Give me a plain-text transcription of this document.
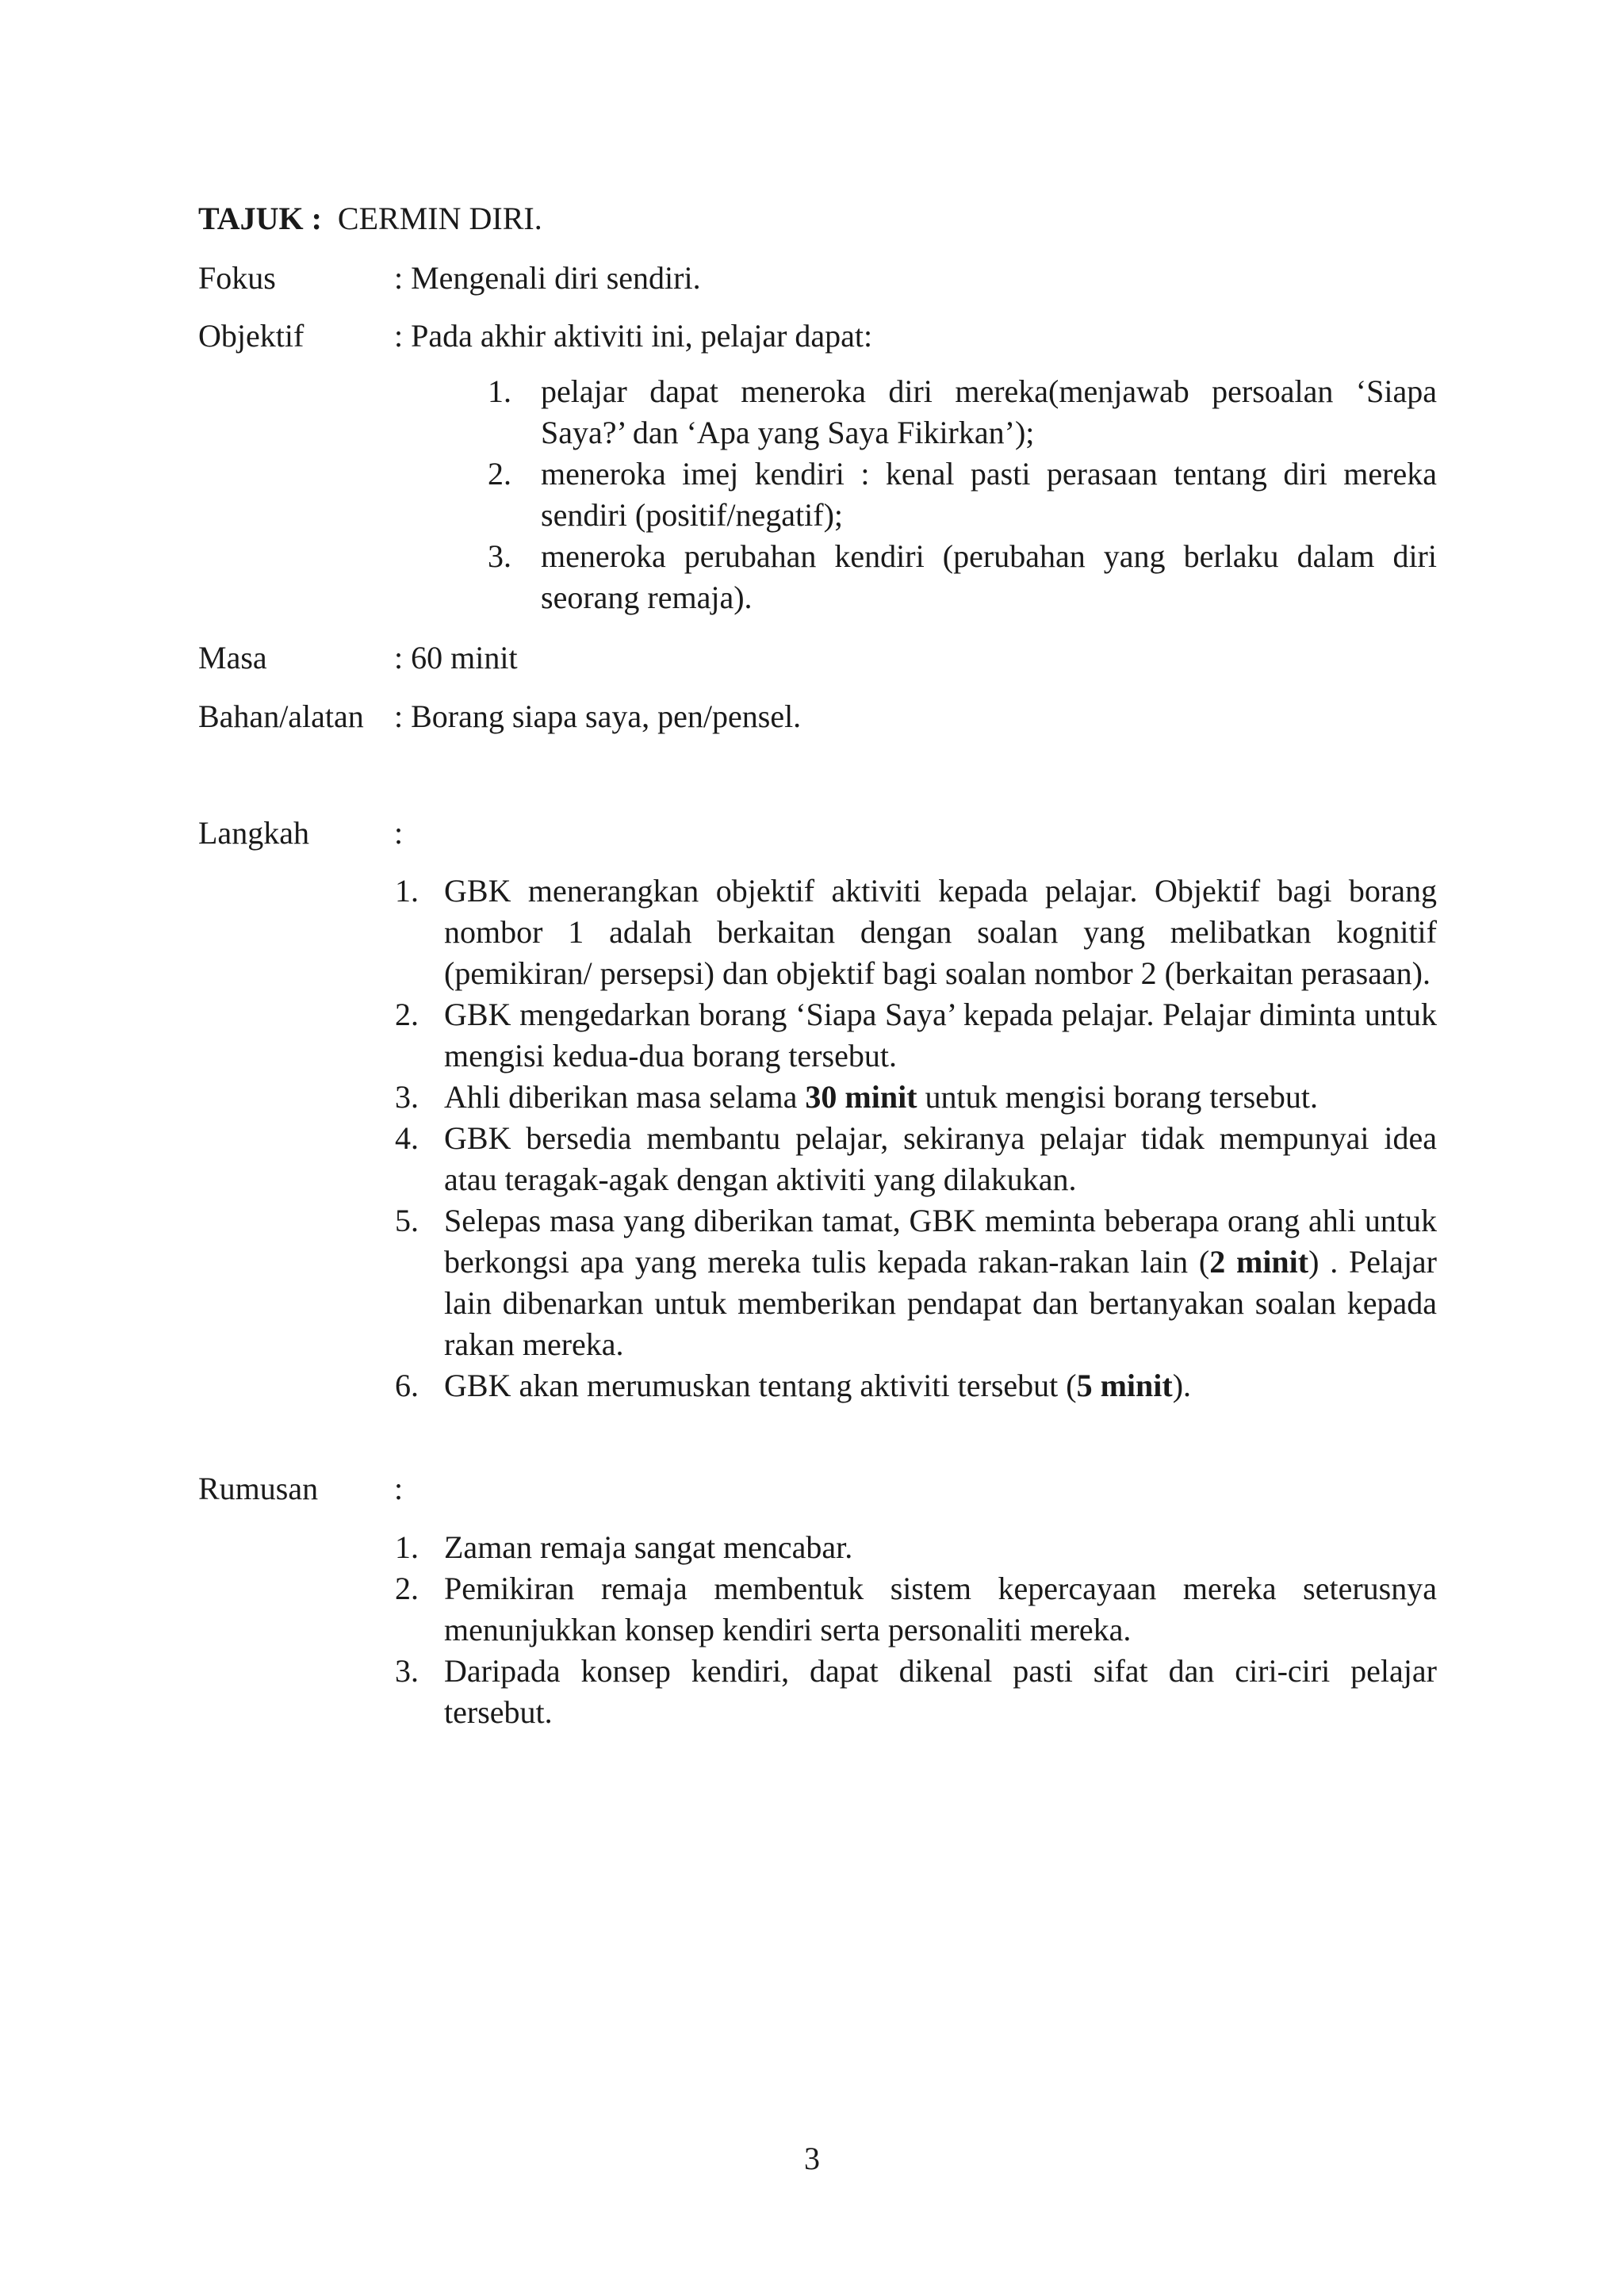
TAJUK : CERMIN DIRI.
Fokus	: Mengenali diri sendiri.
Objektif	: Pada akhir aktiviti ini, pelajar dapat:
1. pelajar dapat meneroka diri mereka(menjawab persoalan ‘Siapa Saya?’ dan ‘Apa yang Saya Fikirkan’);
2. meneroka imej kendiri : kenal pasti perasaan tentang diri mereka sendiri (positif/negatif);
3. meneroka perubahan kendiri (perubahan yang berlaku dalam diri seorang remaja).
Masa	: 60 minit
Bahan/alatan : Borang siapa saya, pen/pensel.
Langkah	:
1. GBK menerangkan objektif aktiviti kepada pelajar. Objektif bagi borang nombor 1 adalah berkaitan dengan soalan yang melibatkan kognitif (pemikiran/ persepsi) dan objektif bagi soalan nombor 2 (berkaitan perasaan).
2. GBK mengedarkan borang ‘Siapa Saya’ kepada pelajar. Pelajar diminta untuk mengisi kedua-dua borang tersebut.
3. Ahli diberikan masa selama 30 minit untuk mengisi borang tersebut.
4. GBK bersedia membantu pelajar, sekiranya pelajar tidak mempunyai idea atau teragak-agak dengan aktiviti yang dilakukan.
5. Selepas masa yang diberikan tamat, GBK meminta beberapa orang ahli untuk berkongsi apa yang mereka tulis kepada rakan-rakan lain (2 minit) . Pelajar lain dibenarkan untuk memberikan pendapat dan bertanyakan soalan kepada rakan mereka.
6. GBK akan merumuskan tentang aktiviti tersebut (5 minit).
Rumusan :
1. Zaman remaja sangat mencabar.
2. Pemikiran remaja membentuk sistem kepercayaan mereka seterusnya menunjukkan konsep kendiri serta personaliti mereka.
3. Daripada konsep kendiri, dapat dikenal pasti sifat dan ciri-ciri pelajar tersebut.
3
